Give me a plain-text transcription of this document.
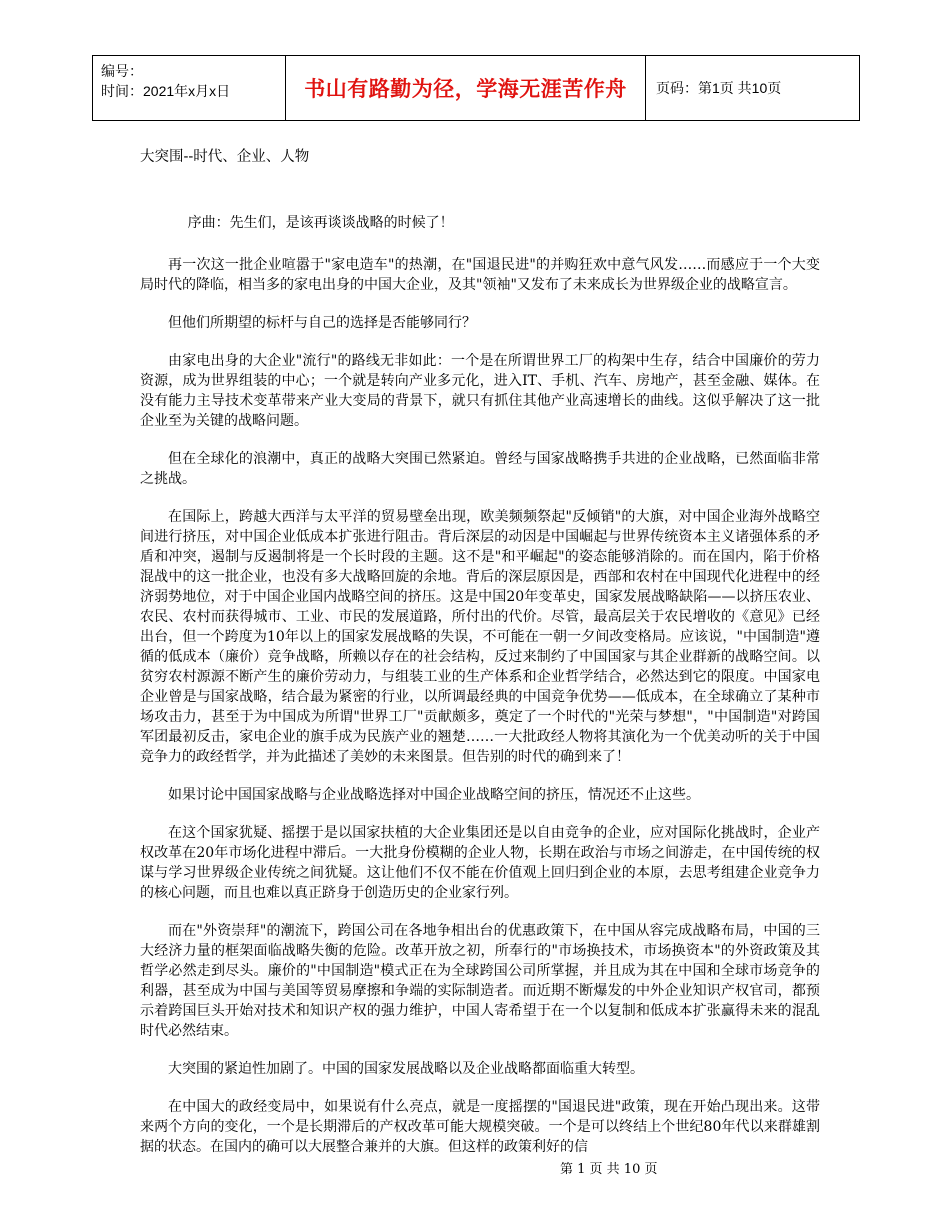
编号：
时间：2021年x月x日	书山有路勤为径，学海无涯苦作舟 页码：第1页 共10页
大突围--时代、企业、人物

序曲：先生们，是该再谈谈战略的时候了！

再一次这一批企业喧嚣于"家电造车"的热潮，在"国退民进"的并购狂欢中意气风发……而感应于一个大变局时代的降临，相当多的家电出身的中国大企业，及其"领袖"又发布了未来成长为世界级企业的战略宣言。

但他们所期望的标杆与自己的选择是否能够同行？

由家电出身的大企业"流行"的路线无非如此：一个是在所谓世界工厂的构架中生存，结合中国廉价的劳力资源，成为世界组装的中心；一个就是转向产业多元化，进入IT、手机、汽车、房地产，甚至金融、媒体。在没有能力主导技术变革带来产业大变局的背景下，就只有抓住其他产业高速增长的曲线。这似乎解决了这一批企业至为关键的战略问题。

但在全球化的浪潮中，真正的战略大突围已然紧迫。曾经与国家战略携手共进的企业战略，已然面临非常之挑战。

在国际上，跨越大西洋与太平洋的贸易壁垒出现，欧美频频祭起"反倾销"的大旗，对中国企业海外战略空间进行挤压，对中国企业低成本扩张进行阻击。背后深层的动因是中国崛起与世界传统资本主义诸强体系的矛盾和冲突，遏制与反遏制将是一个长时段的主题。这不是"和平崛起"的姿态能够消除的。而在国内，陷于价格混战中的这一批企业，也没有多大战略回旋的余地。背后的深层原因是，西部和农村在中国现代化进程中的经济弱势地位，对于中国企业国内战略空间的挤压。这是中国20年变革史，国家发展战略缺陷——以挤压农业、农民、农村而获得城市、工业、市民的发展道路，所付出的代价。尽管，最高层关于农民增收的《意见》已经出台，但一个跨度为10年以上的国家发展战略的失误，不可能在一朝一夕间改变格局。应该说，"中国制造"遵循的低成本（廉价）竞争战略，所赖以存在的社会结构，反过来制约了中国国家与其企业群新的战略空间。以贫穷农村源源不断产生的廉价劳动力，与组装工业的生产体系和企业哲学结合，必然达到它的限度。中国家电企业曾是与国家战略，结合最为紧密的行业，以所调最经典的中国竞争优势——低成本，在全球确立了某种市场攻击力，甚至于为中国成为所谓"世界工厂"贡献颇多，奠定了一个时代的"光荣与梦想"，"中国制造"对跨国军团最初反击，家电企业的旗手成为民族产业的翘楚……一大批政经人物将其演化为一个优美动听的关于中国竞争力的政经哲学，并为此描述了美妙的未来图景。但告别的时代的确到来了！

如果讨论中国国家战略与企业战略选择对中国企业战略空间的挤压，情况还不止这些。

在这个国家犹疑、摇摆于是以国家扶植的大企业集团还是以自由竞争的企业，应对国际化挑战时，企业产权改革在20年市场化进程中滞后。一大批身份模糊的企业人物，长期在政治与市场之间游走，在中国传统的权谋与学习世界级企业传统之间犹疑。这让他们不仅不能在价值观上回归到企业的本原，去思考组建企业竞争力的核心问题，而且也难以真正跻身于创造历史的企业家行列。

而在"外资崇拜"的潮流下，跨国公司在各地争相出台的优惠政策下，在中国从容完成战略布局，中国的三大经济力量的框架面临战略失衡的危险。改革开放之初，所奉行的"市场换技术，市场换资本"的外资政策及其哲学必然走到尽头。廉价的"中国制造"模式正在为全球跨国公司所掌握，并且成为其在中国和全球市场竞争的利器，甚至成为中国与美国等贸易摩擦和争端的实际制造者。而近期不断爆发的中外企业知识产权官司，都预示着跨国巨头开始对技术和知识产权的强力维护，中国人寄希望于在一个以复制和低成本扩张赢得未来的混乱时代必然结束。

大突围的紧迫性加剧了。中国的国家发展战略以及企业战略都面临重大转型。

在中国大的政经变局中，如果说有什么亮点，就是一度摇摆的"国退民进"政策，现在开始凸现出来。这带来两个方向的变化，一个是长期滞后的产权改革可能大规模突破。一个是可以终结上个世纪80年代以来群雄割据的状态。在国内的确可以大展整合兼并的大旗。但这样的政策利好的信

第 1 页 共 10 页
